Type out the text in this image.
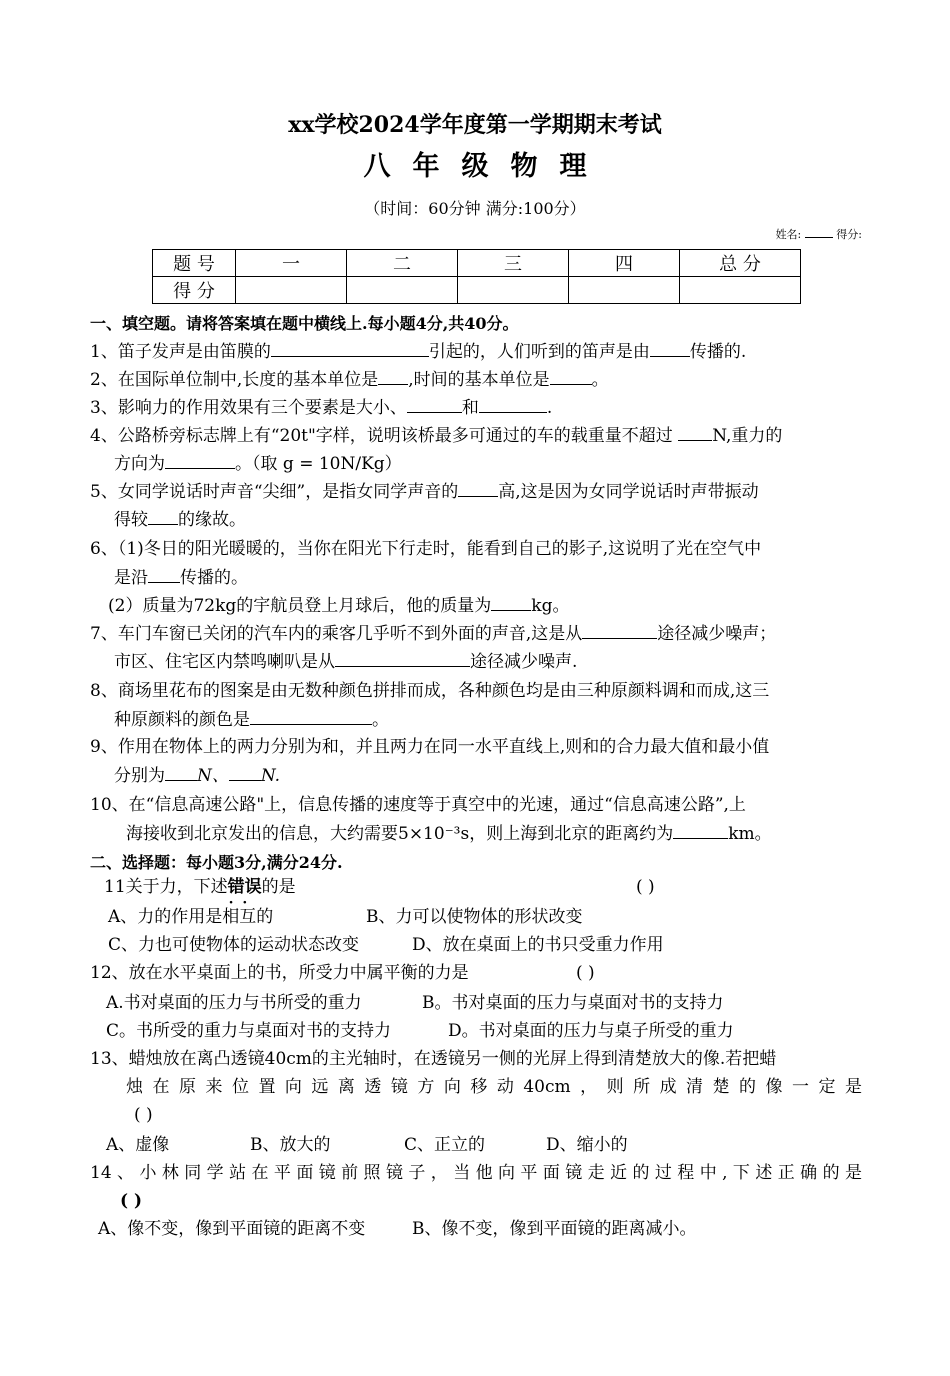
xx学校2024学年度第一学期期末考试
八年级物理
（时间：60分钟 满分:100分）
姓名:	得分:
题 号	一	二	三	四	总 分
得 分					
一、填空题。请将答案填在题中横线上.每小题4分,共40分。
1、笛子发声是由笛膜的	引起的，人们听到的笛声是由 传播的.
2、在国际单位制中,长度的基本单位是 ,时间的基本单位是 。
3、影响力的作用效果有三个要素是大小、	和	.
4、公路桥旁标志牌上有“20t"字样，说明该桥最多可通过的车的载重量不超过 N,重力的
方向为	。（取 g = 10N/Kg）
5、女同学说话时声音“尖细”，是指女同学声音的 高,这是因为女同学说话时声带振动
得较 的缘故。
6、（1)冬日的阳光暖暖的，当你在阳光下行走时，能看到自己的影子,这说明了光在空气中
是沿 传播的。
(2）质量为72kg的宇航员登上月球后，他的质量为 kg。
7、车门车窗已关闭的汽车内的乘客几乎听不到外面的声音,这是从	途径减少噪声；
市区、住宅区内禁鸣喇叭是从	途径减少噪声.
8、商场里花布的图案是由无数种颜色拼排而成，各种颜色均是由三种原颜料调和而成,这三
种原颜料的颜色是	。
9、作用在物体上的两力分别为和，并且两力在同一水平直线上,则和的合力最大值和最小值
分别为 N、 N.
10、在“信息高速公路"上，信息传播的速度等于真空中的光速，通过“信息高速公路”,上
海接收到北京发出的信息，大约需要5×10⁻³s，则上海到北京的距离约为	km。
二、选择题：每小题3分,满分24分.
11关于力，下述错误 · ·的是	( )
A、力的作用是相互的	B、力可以使物体的形状改变
C、力也可使物体的运动状态改变	D、放在桌面上的书只受重力作用
12、放在水平桌面上的书，所受力中属平衡的力是	( )
A.书对桌面的压力与书所受的重力	B。书对桌面的压力与桌面对书的支持力
C。书所受的重力与桌面对书的支持力	D。书对桌面的压力与桌子所受的重力
13、蜡烛放在离凸透镜40cm的主光轴时，在透镜另一侧的光屏上得到清楚放大的像.若把蜡
烛在原来位置向远离透镜方向移动40cm，则所成清楚的像一定是
( )
A、虚像	B、放大的	C、正立的	D、缩小的
14、小林同学站在平面镜前照镜子，当他向平面镜走近的过程中,下述正确的是
( )
A、像不变，像到平面镜的距离不变	B、像不变，像到平面镜的距离减小。
